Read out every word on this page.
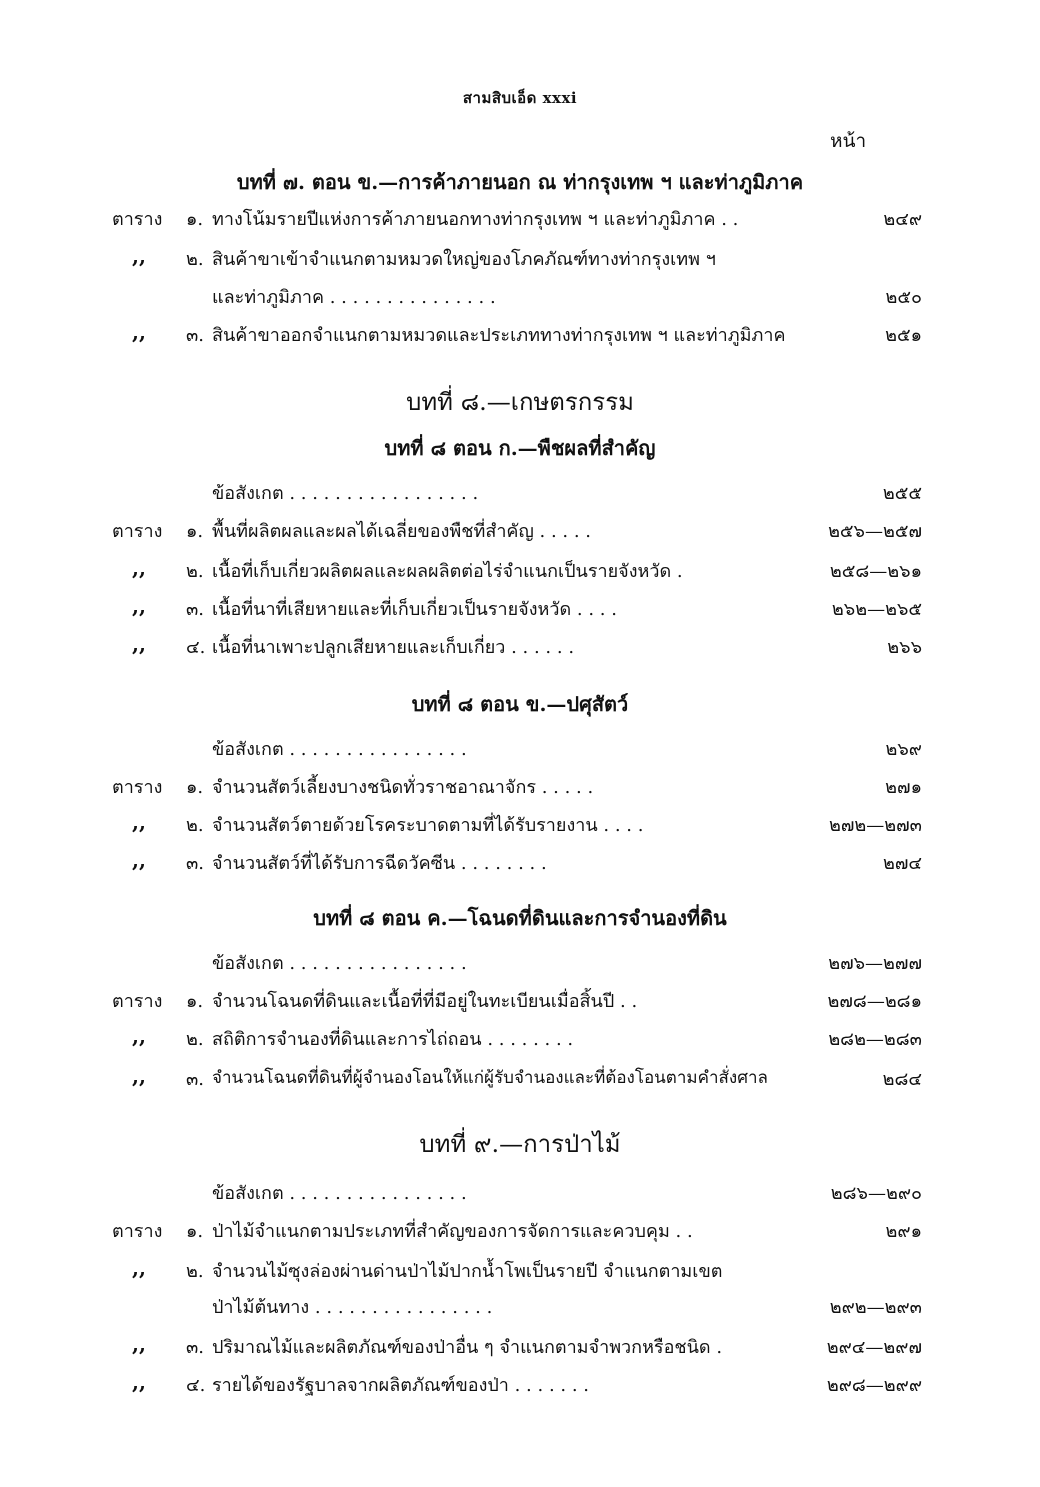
สามสิบเอ็ด xxxi
หน้า
บทที่ ๗. ตอน ข.—การค้าภายนอก ณ ท่ากรุงเทพ ฯ และท่าภูมิภาค
ตาราง ๑. ทางโน้มรายปีแห่งการค้าภายนอกทางท่ากรุงเทพ ฯ และท่าภูมิภาค . .	๒๔๙
,, ๒. สินค้าขาเข้าจำแนกตามหมวดใหญ่ของโภคภัณฑ์ทางท่ากรุงเทพ ฯ
และท่าภูมิภาค . . . . . . . . . . . . . . .	๒๕๐
,, ๓. สินค้าขาออกจำแนกตามหมวดและประเภททางท่ากรุงเทพ ฯ และท่าภูมิภาค	๒๕๑
บทที่ ๘.—เกษตรกรรม
บทที่ ๘ ตอน ก.—พืชผลที่สำคัญ
ข้อสังเกต . . . . . . . . . . . . . . . . .	๒๕๕
ตาราง ๑. พื้นที่ผลิตผลและผลได้เฉลี่ยของพืชที่สำคัญ . . . . .	๒๕๖—๒๕๗
,, ๒. เนื้อที่เก็บเกี่ยวผลิตผลและผลผลิตต่อไร่จำแนกเป็นรายจังหวัด .	๒๕๘—๒๖๑
,, ๓. เนื้อที่นาที่เสียหายและที่เก็บเกี่ยวเป็นรายจังหวัด . . . .	๒๖๒—๒๖๕
,, ๔. เนื้อที่นาเพาะปลูกเสียหายและเก็บเกี่ยว . . . . . .	๒๖๖
บทที่ ๘ ตอน ข.—ปศุสัตว์
ข้อสังเกต . . . . . . . . . . . . . . . .	๒๖๙
ตาราง ๑. จำนวนสัตว์เลี้ยงบางชนิดทั่วราชอาณาจักร . . . . .	๒๗๑
,, ๒. จำนวนสัตว์ตายด้วยโรคระบาดตามที่ได้รับรายงาน . . . .	๒๗๒—๒๗๓
,, ๓. จำนวนสัตว์ที่ได้รับการฉีดวัคซีน . . . . . . . .	๒๗๔
บทที่ ๘ ตอน ค.—โฉนดที่ดินและการจำนองที่ดิน
ข้อสังเกต . . . . . . . . . . . . . . . .	๒๗๖—๒๗๗
ตาราง ๑. จำนวนโฉนดที่ดินและเนื้อที่ที่มีอยู่ในทะเบียนเมื่อสิ้นปี . .	๒๗๘—๒๘๑
,, ๒. สถิติการจำนองที่ดินและการไถ่ถอน . . . . . . . .	๒๘๒—๒๘๓
,, ๓. จำนวนโฉนดที่ดินที่ผู้จำนองโอนให้แก่ผู้รับจำนองและที่ต้องโอนตามคำสั่งศาล	๒๘๔
บทที่ ๙.—การป่าไม้
ข้อสังเกต . . . . . . . . . . . . . . . .	๒๘๖—๒๙๐
ตาราง ๑. ป่าไม้จำแนกตามประเภทที่สำคัญของการจัดการและควบคุม . .	๒๙๑
,, ๒. จำนวนไม้ซุงล่องผ่านด่านป่าไม้ปากน้ำโพเป็นรายปี จำแนกตามเขต
ป่าไม้ต้นทาง . . . . . . . . . . . . . . . .	๒๙๒—๒๙๓
,, ๓. ปริมาณไม้และผลิตภัณฑ์ของป่าอื่น ๆ จำแนกตามจำพวกหรือชนิด .	๒๙๔—๒๙๗
,, ๔. รายได้ของรัฐบาลจากผลิตภัณฑ์ของป่า . . . . . . .	๒๙๘—๒๙๙
